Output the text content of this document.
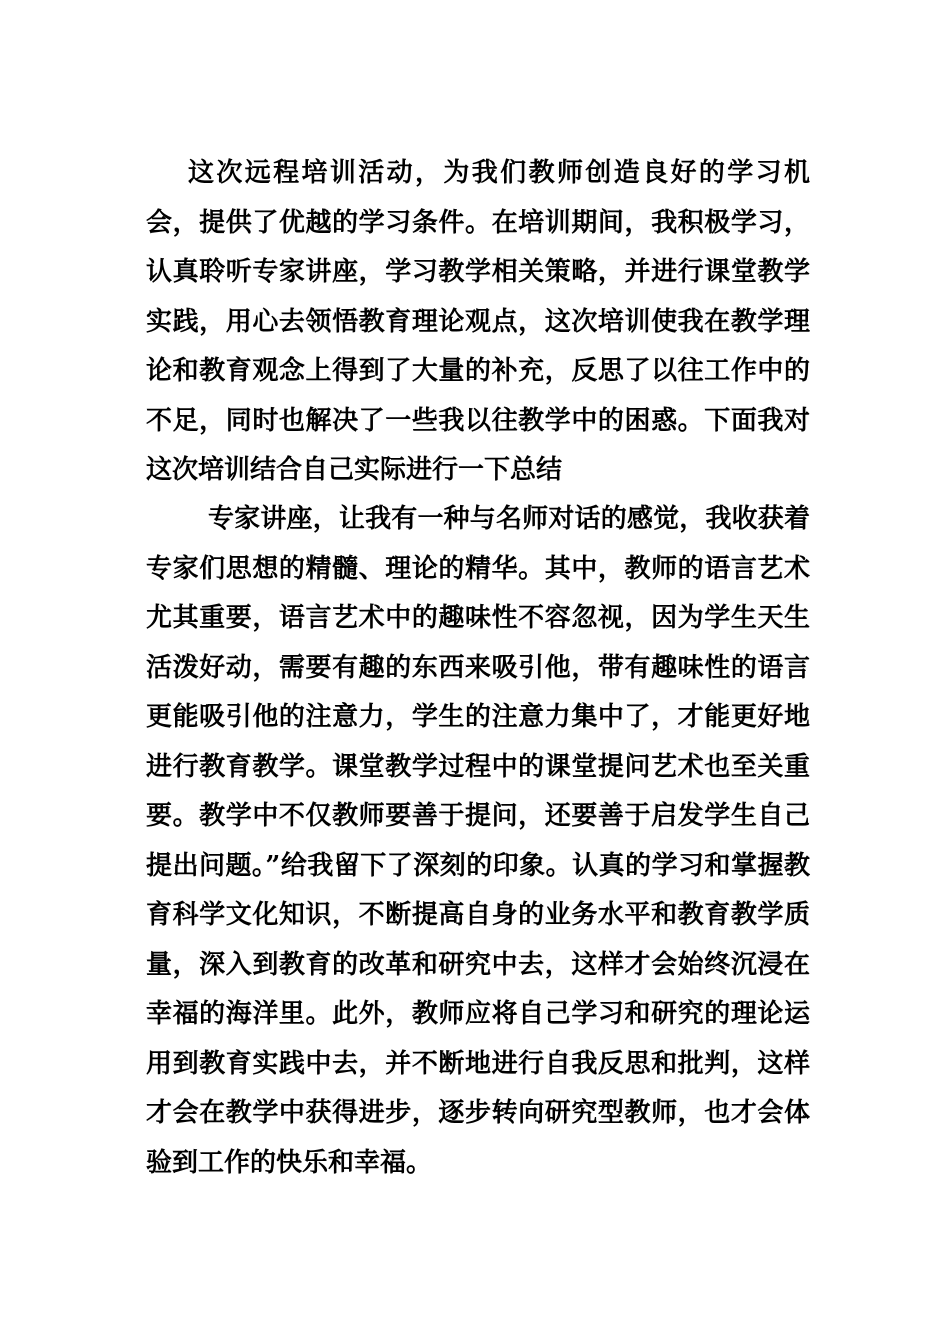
这次远程培训活动，为我们教师创造良好的学习机会，提供了优越的学习条件。在培训期间，我积极学习，认真聆听专家讲座，学习教学相关策略，并进行课堂教学实践，用心去领悟教育理论观点，这次培训使我在教学理论和教育观念上得到了大量的补充，反思了以往工作中的不足，同时也解决了一些我以往教学中的困惑。下面我对这次培训结合自己实际进行一下总结

专家讲座，让我有一种与名师对话的感觉，我收获着专家们思想的精髓、理论的精华。其中，教师的语言艺术尤其重要，语言艺术中的趣味性不容忽视，因为学生天生活泼好动，需要有趣的东西来吸引他，带有趣味性的语言更能吸引他的注意力，学生的注意力集中了，才能更好地进行教育教学。课堂教学过程中的课堂提问艺术也至关重要。教学中不仅教师要善于提问，还要善于启发学生自己提出问题。”给我留下了深刻的印象。认真的学习和掌握教育科学文化知识，不断提高自身的业务水平和教育教学质量，深入到教育的改革和研究中去，这样才会始终沉浸在幸福的海洋里。此外，教师应将自己学习和研究的理论运用到教育实践中去，并不断地进行自我反思和批判，这样才会在教学中获得进步，逐步转向研究型教师，也才会体验到工作的快乐和幸福。
